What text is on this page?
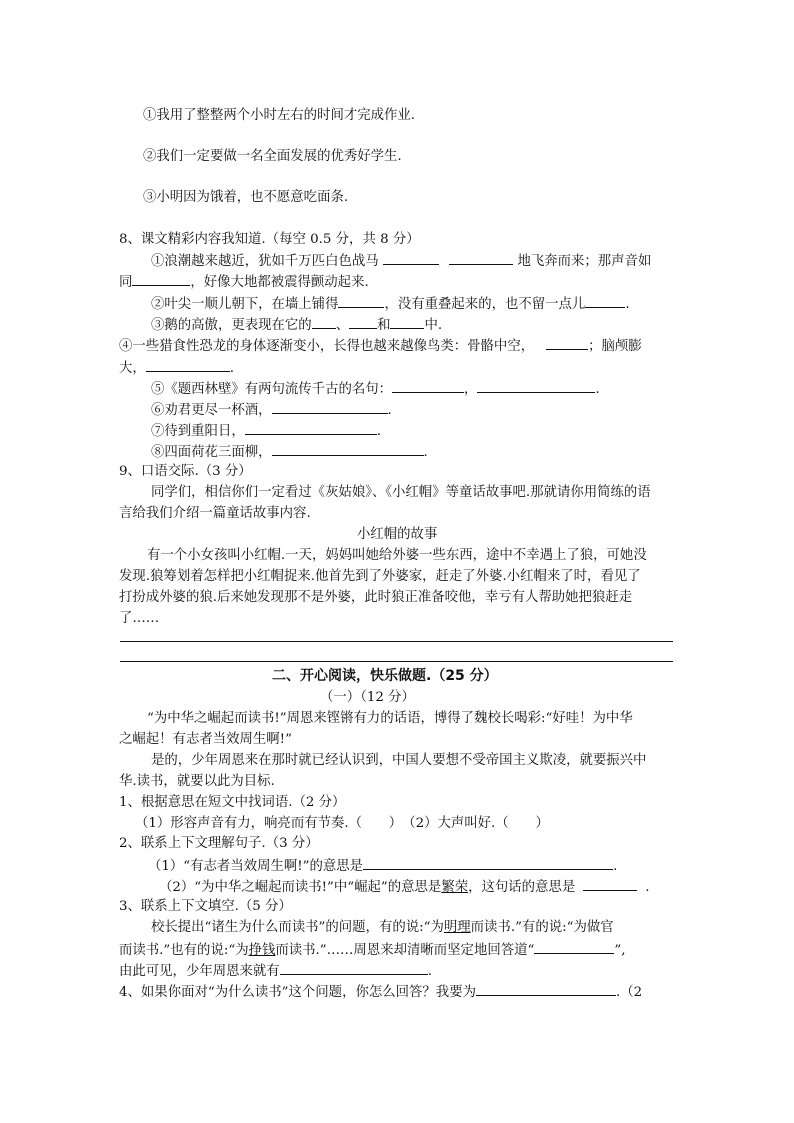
①我用了整整两个小时左右的时间才完成作业.
②我们一定要做一名全面发展的优秀好学生.
③小明因为饿着，也不愿意吃面条.
8、课文精彩内容我知道.（每空 0.5 分，共 8 分）
①浪潮越来越近，犹如千万匹白色战马	地飞奔而来；那声音如
同	，好像大地都被震得颤动起来.
②叶尖一顺儿朝下，在墙上铺得	，没有重叠起来的，也不留一点儿	.
③鹅的高傲，更表现在它的 、 和	中.
④一些猎食性恐龙的身体逐渐变小，长得也越来越像鸟类：骨骼中空，	；脑颅膨
大，	.
⑤《题西林壁》有两句流传千古的名句：	，	.
⑥劝君更尽一杯酒，	.
⑦待到重阳日，	.
⑧四面荷花三面柳，	.
9、口语交际.（3 分）
同学们，相信你们一定看过《灰姑娘》、《小红帽》等童话故事吧.那就请你用简练的语
言给我们介绍一篇童话故事内容.
小红帽的故事
有一个小女孩叫小红帽.一天，妈妈叫她给外婆一些东西，途中不幸遇上了狼，可她没
发现.狼筹划着怎样把小红帽捉来.他首先到了外婆家，赶走了外婆.小红帽来了时，看见了
打扮成外婆的狼.后来她发现那不是外婆，此时狼正准备咬他，幸亏有人帮助她把狼赶走
了……
二、开心阅读，快乐做题.（25 分）
（一）（12 分）
“为中华之崛起而读书!”周恩来铿锵有力的话语，博得了魏校长喝彩:“好哇！为中华
之崛起！有志者当效周生啊!”
是的，少年周恩来在那时就已经认识到，中国人要想不受帝国主义欺凌，就要振兴中
华.读书，就要以此为目标.
1、根据意思在短文中找词语.（2 分）
（1）形容声音有力，响亮而有节奏.（　　）　（2）大声叫好.（　　）
2、联系上下文理解句子.（3 分）
（1）“有志者当效周生啊!”的意思是	.
（2）“为中华之崛起而读书!”中“崛起”的意思是繁荣，这句话的意思是	.
3、联系上下文填空.（5 分）
校长提出“诸生为什么而读书”的问题，有的说:“为明理而读书.”有的说:“为做官
而读书.”也有的说:“为挣钱而读书.”……周恩来却清晰而坚定地回答道“	”,
由此可见，少年周恩来就有	.
4、如果你面对“为什么读书”这个问题，你怎么回答？我要为	.（2
